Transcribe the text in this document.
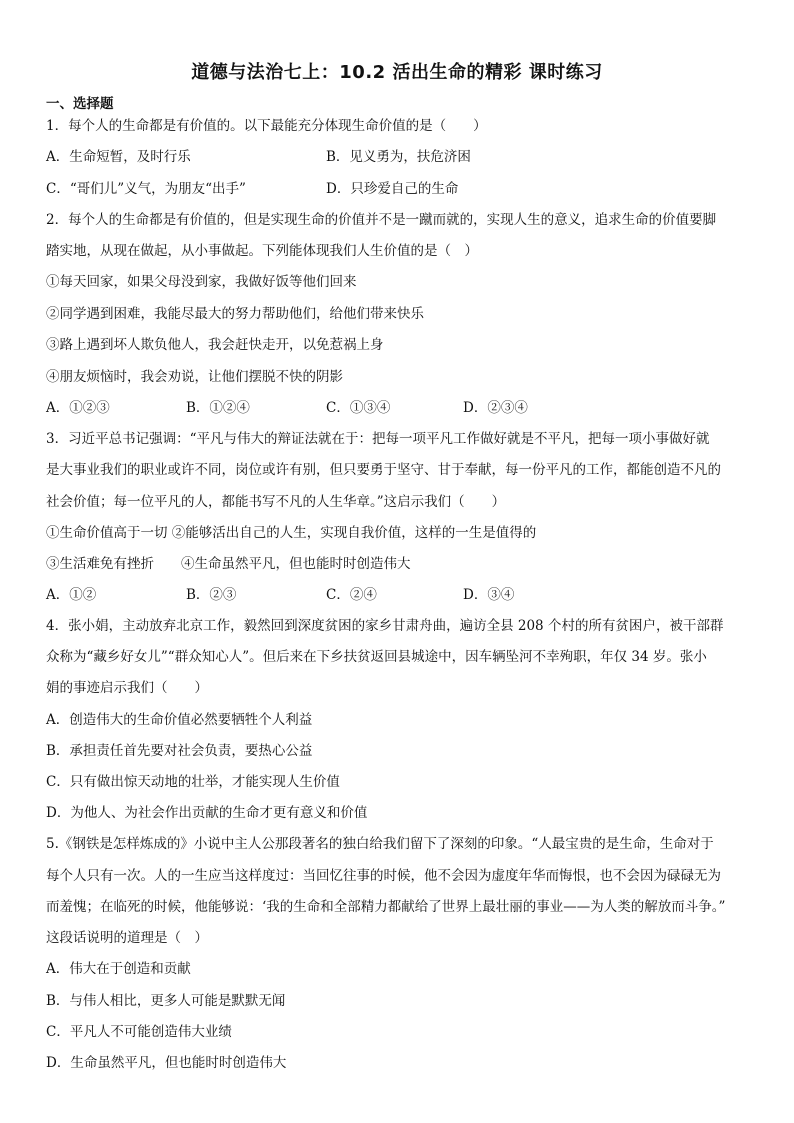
道德与法治七上：10.2 活出生命的精彩 课时练习
一、选择题
1．每个人的生命都是有价值的。以下最能充分体现生命价值的是（　　）
A．生命短暂，及时行乐	B．见义勇为，扶危济困
C．“哥们儿”义气，为朋友“出手”	D．只珍爱自己的生命
2．每个人的生命都是有价值的，但是实现生命的价值并不是一蹴而就的，实现人生的意义，追求生命的价值要脚
踏实地，从现在做起，从小事做起。下列能体现我们人生价值的是（　）
①每天回家，如果父母没到家，我做好饭等他们回来
②同学遇到困难，我能尽最大的努力帮助他们，给他们带来快乐
③路上遇到坏人欺负他人，我会赶快走开，以免惹祸上身
④朋友烦恼时，我会劝说，让他们摆脱不快的阴影
A．①②③	B．①②④	C．①③④	D．②③④
3．习近平总书记强调：“平凡与伟大的辩证法就在于：把每一项平凡工作做好就是不平凡，把每一项小事做好就
是大事业我们的职业或许不同，岗位或许有别，但只要勇于坚守、甘于奉献，每一份平凡的工作，都能创造不凡的
社会价值；每一位平凡的人，都能书写不凡的人生华章。”这启示我们（　　）
①生命价值高于一切 ②能够活出自己的人生，实现自我价值，这样的一生是值得的
③生活难免有挫折　　④生命虽然平凡，但也能时时创造伟大
A．①②	B．②③	C．②④	D．③④
4．张小娟，主动放弃北京工作，毅然回到深度贫困的家乡甘肃舟曲，遍访全县 208 个村的所有贫困户，被干部群
众称为“藏乡好女儿”“群众知心人”。但后来在下乡扶贫返回县城途中，因车辆坠河不幸殉职，年仅 34 岁。张小
娟的事迹启示我们（　　）
A．创造伟大的生命价值必然要牺牲个人利益
B．承担责任首先要对社会负责，要热心公益
C．只有做出惊天动地的壮举，才能实现人生价值
D．为他人、为社会作出贡献的生命才更有意义和价值
5.《钢铁是怎样炼成的》小说中主人公那段著名的独白给我们留下了深刻的印象。“人最宝贵的是生命，生命对于
每个人只有一次。人的一生应当这样度过：当回忆往事的时候，他不会因为虚度年华而悔恨，也不会因为碌碌无为
而羞愧；在临死的时候，他能够说：‘我的生命和全部精力都献给了世界上最壮丽的事业——为人类的解放而斗争。”
这段话说明的道理是（　）
A．伟大在于创造和贡献
B．与伟人相比，更多人可能是默默无闻
C．平凡人不可能创造伟大业绩
D．生命虽然平凡，但也能时时创造伟大
